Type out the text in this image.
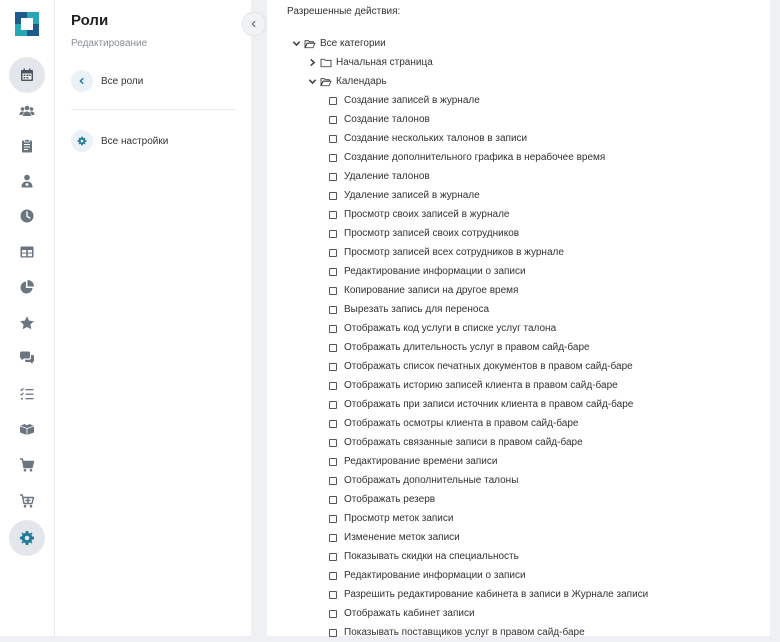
Роли
Редактирование
Все роли
Все настройки
Разрешенные действия:
Все категории
Начальная страница
Календарь
Создание записей в журнале
Создание талонов
Создание нескольких талонов в записи
Создание дополнительного графика в нерабочее время
Удаление талонов
Удаление записей в журнале
Просмотр своих записей в журнале
Просмотр записей своих сотрудников
Просмотр записей всех сотрудников в журнале
Редактирование информации о записи
Копирование записи на другое время
Вырезать запись для переноса
Отображать код услуги в списке услуг талона
Отображать длительность услуг в правом сайд-баре
Отображать список печатных документов в правом сайд-баре
Отображать историю записей клиента в правом сайд-баре
Отображать при записи источник клиента в правом сайд-баре
Отображать осмотры клиента в правом сайд-баре
Отображать связанные записи в правом сайд-баре
Редактирование времени записи
Отображать дополнительные талоны
Отображать резерв
Просмотр меток записи
Изменение меток записи
Показывать скидки на специальность
Редактирование информации о записи
Разрешить редактирование кабинета в записи в Журнале записи
Отображать кабинет записи
Показывать поставщиков услуг в правом сайд-баре
